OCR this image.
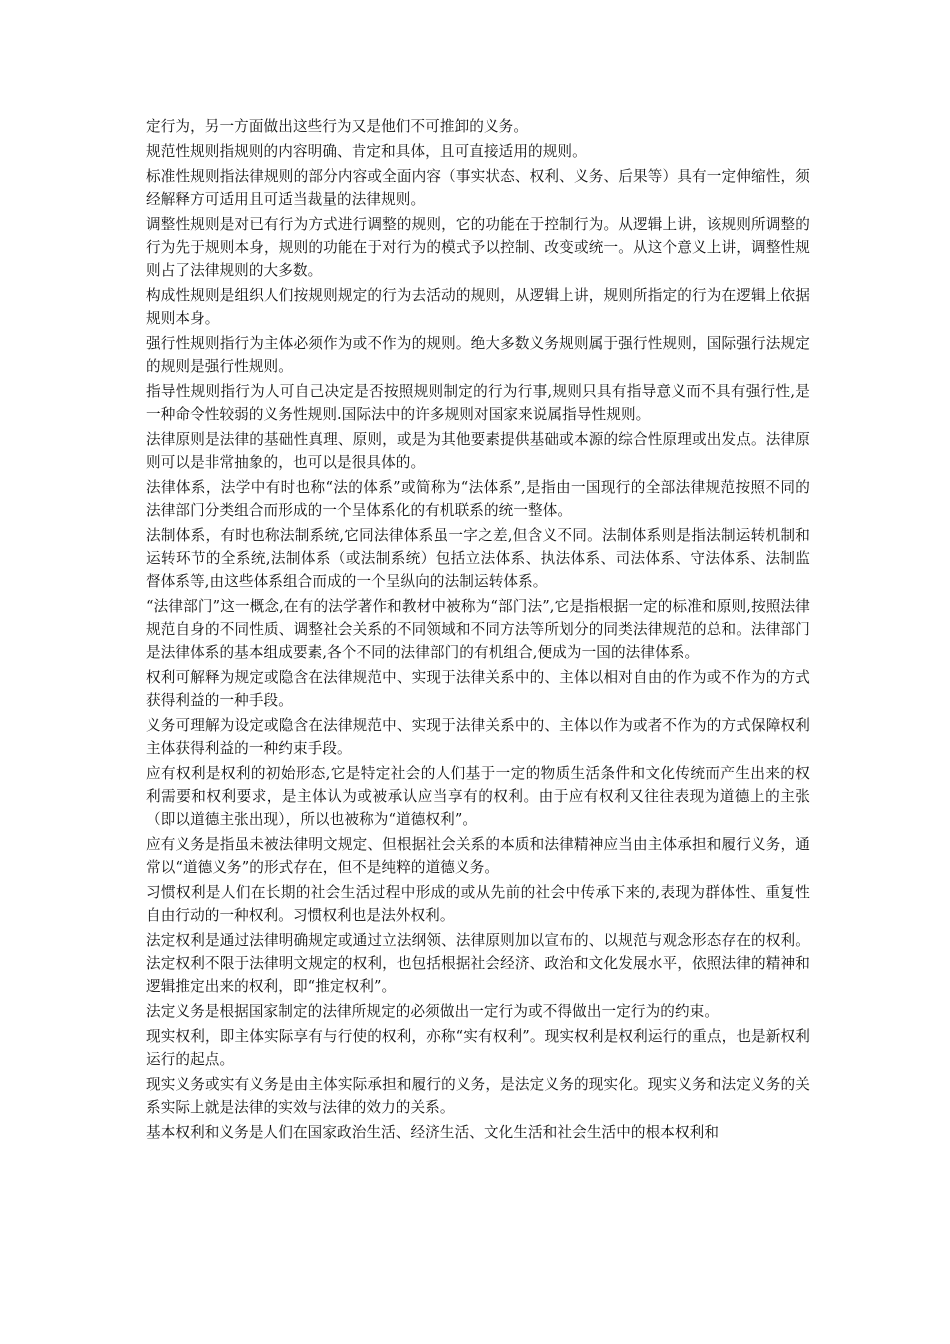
定行为，另一方面做出这些行为又是他们不可推卸的义务。

规范性规则指规则的内容明确、肯定和具体，且可直接适用的规则。

标准性规则指法律规则的部分内容或全面内容（事实状态、权利、义务、后果等）具有一定伸缩性，须经解释方可适用且可适当裁量的法律规则。

调整性规则是对已有行为方式进行调整的规则，它的功能在于控制行为。从逻辑上讲，该规则所调整的行为先于规则本身，规则的功能在于对行为的模式予以控制、改变或统一。从这个意义上讲，调整性规则占了法律规则的大多数。

构成性规则是组织人们按规则规定的行为去活动的规则，从逻辑上讲，规则所指定的行为在逻辑上依据规则本身。

强行性规则指行为主体必须作为或不作为的规则。绝大多数义务规则属于强行性规则，国际强行法规定的规则是强行性规则。

指导性规则指行为人可自己决定是否按照规则制定的行为行事,规则只具有指导意义而不具有强行性,是一种命令性较弱的义务性规则.国际法中的许多规则对国家来说属指导性规则。

法律原则是法律的基础性真理、原则，或是为其他要素提供基础或本源的综合性原理或出发点。法律原则可以是非常抽象的，也可以是很具体的。

法律体系，法学中有时也称“法的体系”或简称为“法体系”,是指由一国现行的全部法律规范按照不同的法律部门分类组合而形成的一个呈体系化的有机联系的统一整体。

法制体系，有时也称法制系统,它同法律体系虽一字之差,但含义不同。法制体系则是指法制运转机制和运转环节的全系统,法制体系（或法制系统）包括立法体系、执法体系、司法体系、守法体系、法制监督体系等,由这些体系组合而成的一个呈纵向的法制运转体系。

“法律部门”这一概念,在有的法学著作和教材中被称为“部门法”,它是指根据一定的标准和原则,按照法律规范自身的不同性质、调整社会关系的不同领域和不同方法等所划分的同类法律规范的总和。法律部门是法律体系的基本组成要素,各个不同的法律部门的有机组合,便成为一国的法律体系。

权利可解释为规定或隐含在法律规范中、实现于法律关系中的、主体以相对自由的作为或不作为的方式获得利益的一种手段。

义务可理解为设定或隐含在法律规范中、实现于法律关系中的、主体以作为或者不作为的方式保障权利主体获得利益的一种约束手段。

应有权利是权利的初始形态,它是特定社会的人们基于一定的物质生活条件和文化传统而产生出来的权利需要和权利要求，是主体认为或被承认应当享有的权利。由于应有权利又往往表现为道德上的主张（即以道德主张出现），所以也被称为“道德权利”。

应有义务是指虽未被法律明文规定、但根据社会关系的本质和法律精神应当由主体承担和履行义务，通常以“道德义务”的形式存在，但不是纯粹的道德义务。

习惯权利是人们在长期的社会生活过程中形成的或从先前的社会中传承下来的,表现为群体性、重复性自由行动的一种权利。习惯权利也是法外权利。

法定权利是通过法律明确规定或通过立法纲领、法律原则加以宣布的、以规范与观念形态存在的权利。法定权利不限于法律明文规定的权利，也包括根据社会经济、政治和文化发展水平，依照法律的精神和逻辑推定出来的权利，即“推定权利”。

法定义务是根据国家制定的法律所规定的必须做出一定行为或不得做出一定行为的约束。

现实权利，即主体实际享有与行使的权利，亦称“实有权利”。现实权利是权利运行的重点，也是新权利运行的起点。

现实义务或实有义务是由主体实际承担和履行的义务，是法定义务的现实化。现实义务和法定义务的关系实际上就是法律的实效与法律的效力的关系。

基本权利和义务是人们在国家政治生活、经济生活、文化生活和社会生活中的根本权利和
